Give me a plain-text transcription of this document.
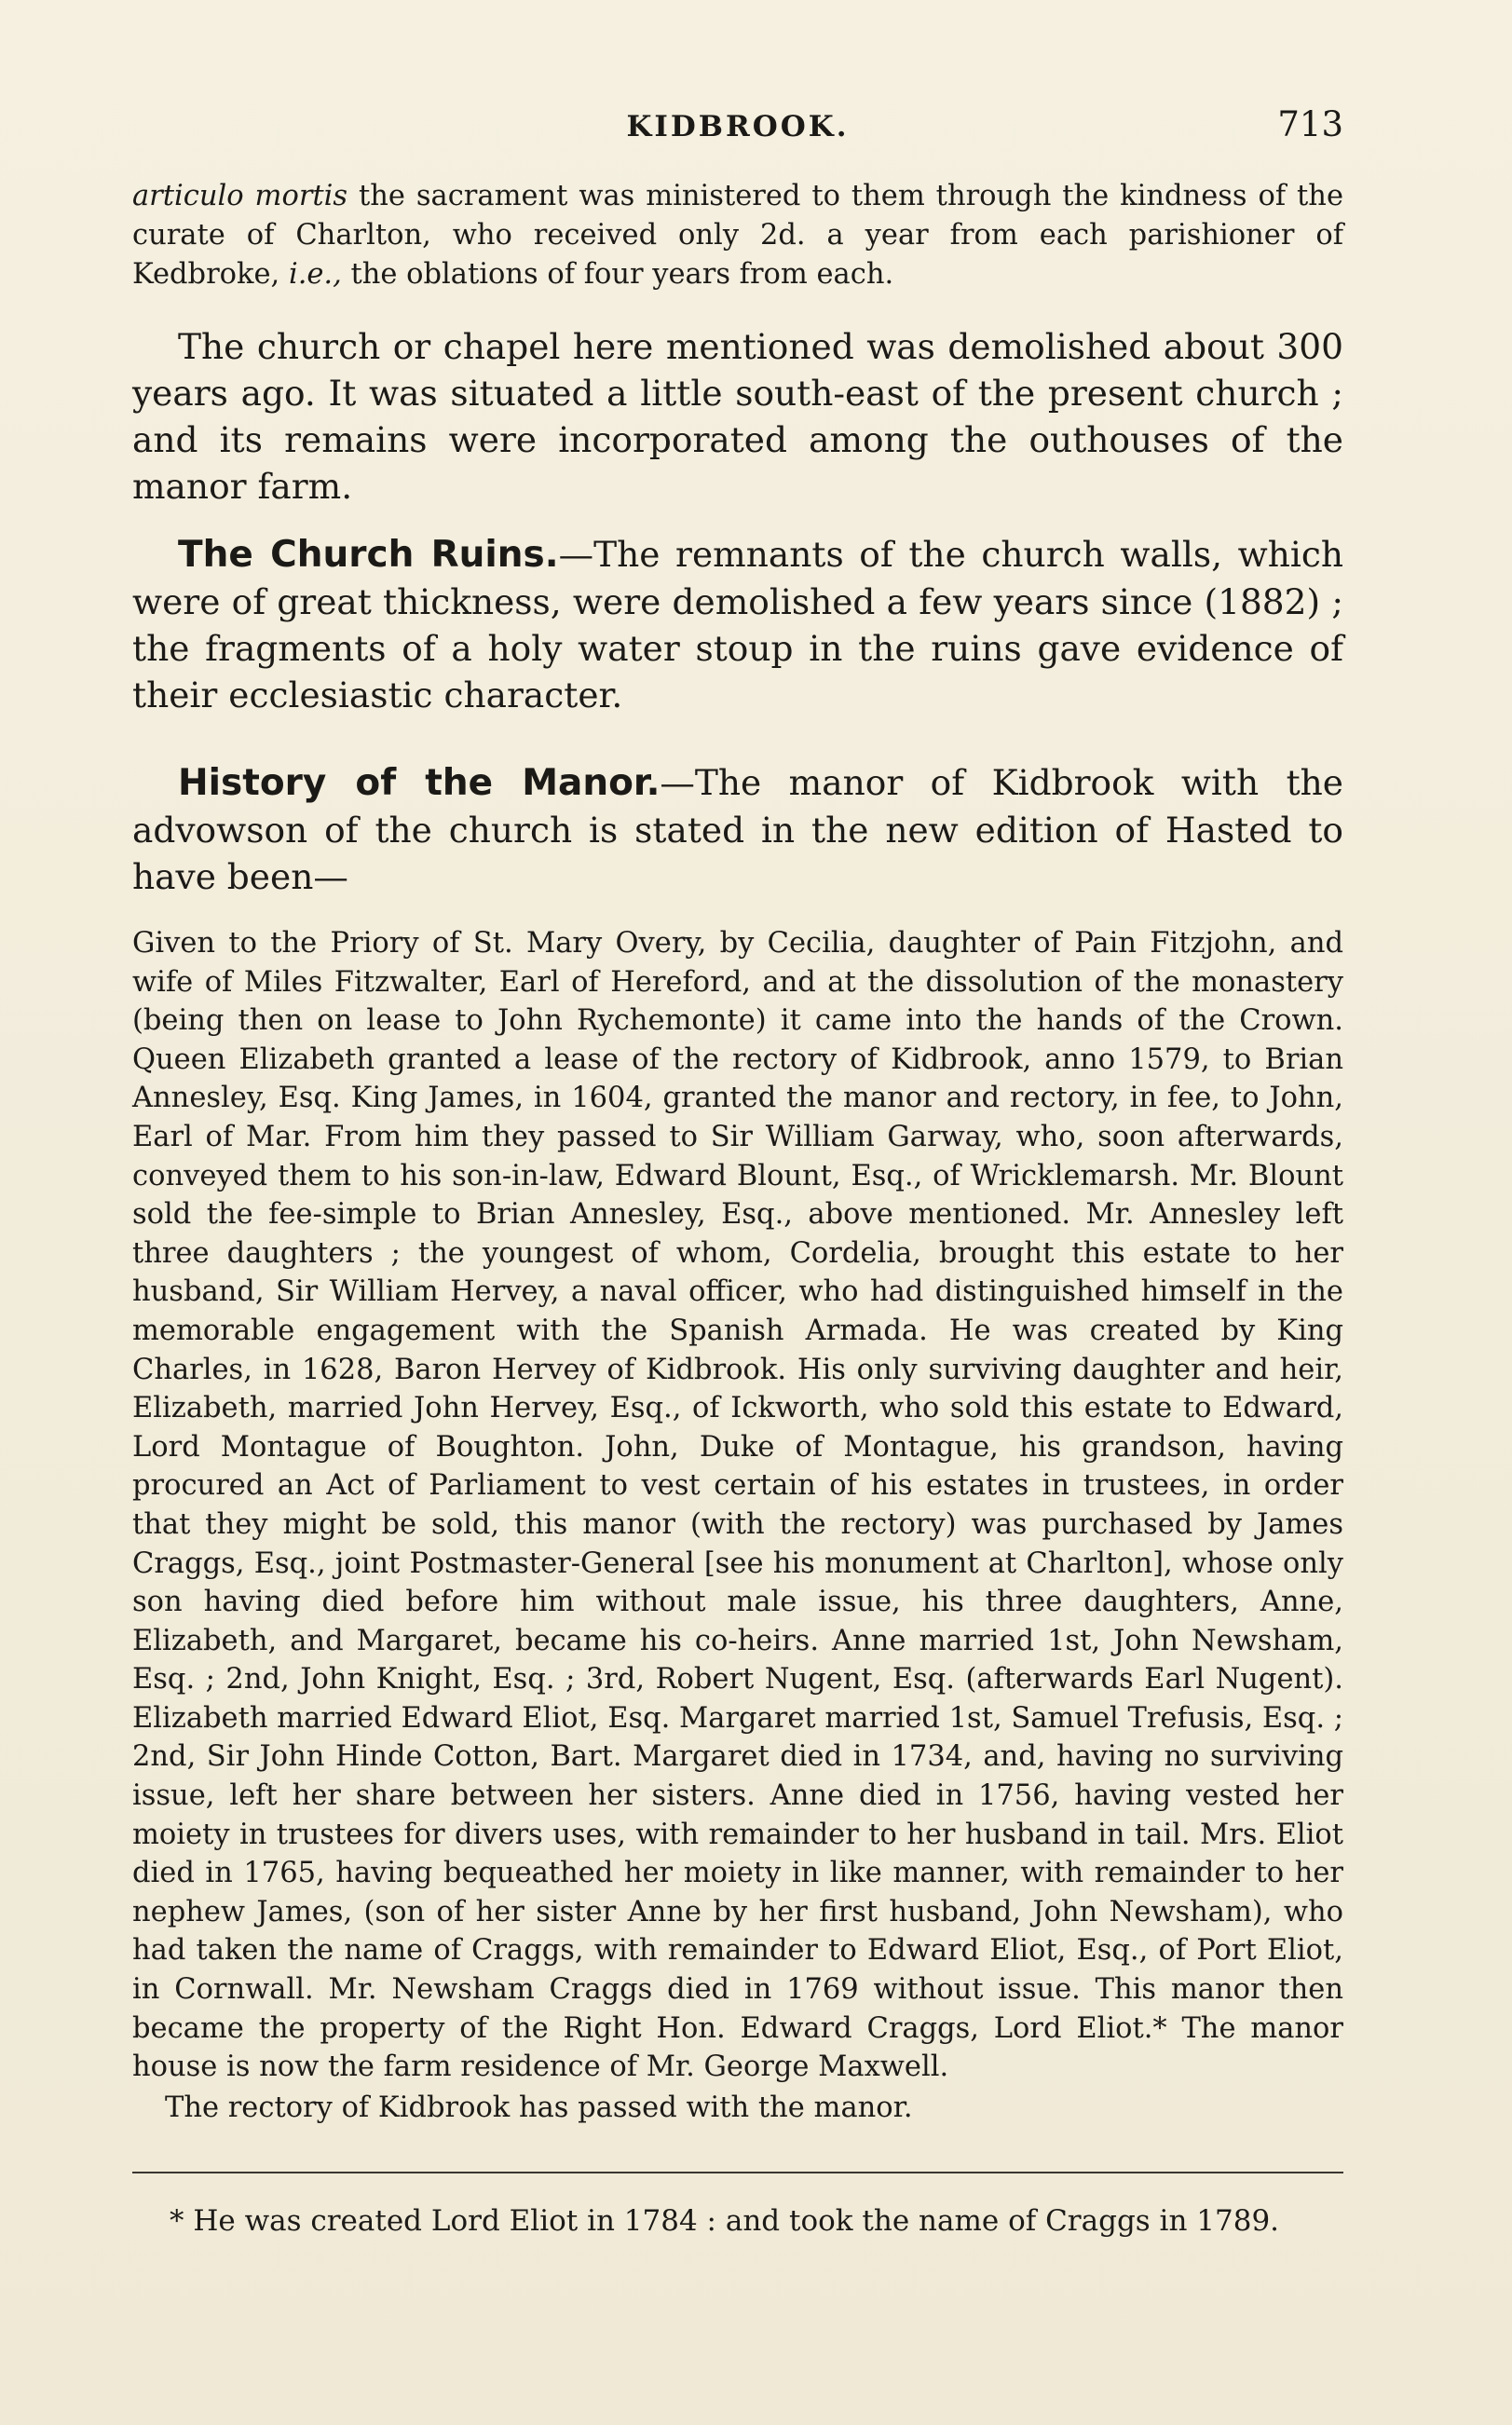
KIDBROOK.	713
articulo mortis the sacrament was ministered to them through the kindness of the curate of Charlton, who received only 2d. a year from each parishioner of Kedbroke, i.e., the oblations of four years from each.

The church or chapel here mentioned was demolished about 300 years ago. It was situated a little south-east of the present church ; and its remains were incorporated among the outhouses of the manor farm.

The Church Ruins.—The remnants of the church walls, which were of great thickness, were demolished a few years since (1882) ; the fragments of a holy water stoup in the ruins gave evidence of their ecclesiastic character.

History of the Manor.—The manor of Kidbrook with the advowson of the church is stated in the new edition of Hasted to have been—

Given to the Priory of St. Mary Overy, by Cecilia, daughter of Pain Fitzjohn, and wife of Miles Fitzwalter, Earl of Hereford, and at the dissolution of the monastery (being then on lease to John Rychemonte) it came into the hands of the Crown. Queen Elizabeth granted a lease of the rectory of Kidbrook, anno 1579, to Brian Annesley, Esq. King James, in 1604, granted the manor and rectory, in fee, to John, Earl of Mar. From him they passed to Sir William Garway, who, soon afterwards, conveyed them to his son-in-law, Edward Blount, Esq., of Wricklemarsh. Mr. Blount sold the fee-simple to Brian Annesley, Esq., above mentioned. Mr. Annesley left three daughters ; the youngest of whom, Cordelia, brought this estate to her husband, Sir William Hervey, a naval officer, who had distinguished himself in the memorable engagement with the Spanish Armada. He was created by King Charles, in 1628, Baron Hervey of Kidbrook. His only surviving daughter and heir, Elizabeth, married John Hervey, Esq., of Ickworth, who sold this estate to Edward, Lord Montague of Boughton. John, Duke of Montague, his grandson, having procured an Act of Parliament to vest certain of his estates in trustees, in order that they might be sold, this manor (with the rectory) was purchased by James Craggs, Esq., joint Postmaster-General [see his monument at Charlton], whose only son having died before him without male issue, his three daughters, Anne, Elizabeth, and Margaret, became his co-heirs. Anne married 1st, John Newsham, Esq. ; 2nd, John Knight, Esq. ; 3rd, Robert Nugent, Esq. (afterwards Earl Nugent). Elizabeth married Edward Eliot, Esq. Margaret married 1st, Samuel Trefusis, Esq. ; 2nd, Sir John Hinde Cotton, Bart. Margaret died in 1734, and, having no surviving issue, left her share between her sisters. Anne died in 1756, having vested her moiety in trustees for divers uses, with remainder to her husband in tail. Mrs. Eliot died in 1765, having bequeathed her moiety in like manner, with remainder to her nephew James, (son of her sister Anne by her first husband, John Newsham), who had taken the name of Craggs, with remainder to Edward Eliot, Esq., of Port Eliot, in Cornwall. Mr. Newsham Craggs died in 1769 without issue. This manor then became the property of the Right Hon. Edward Craggs, Lord Eliot.* The manor house is now the farm residence of Mr. George Maxwell.

The rectory of Kidbrook has passed with the manor.

* He was created Lord Eliot in 1784 : and took the name of Craggs in 1789.
